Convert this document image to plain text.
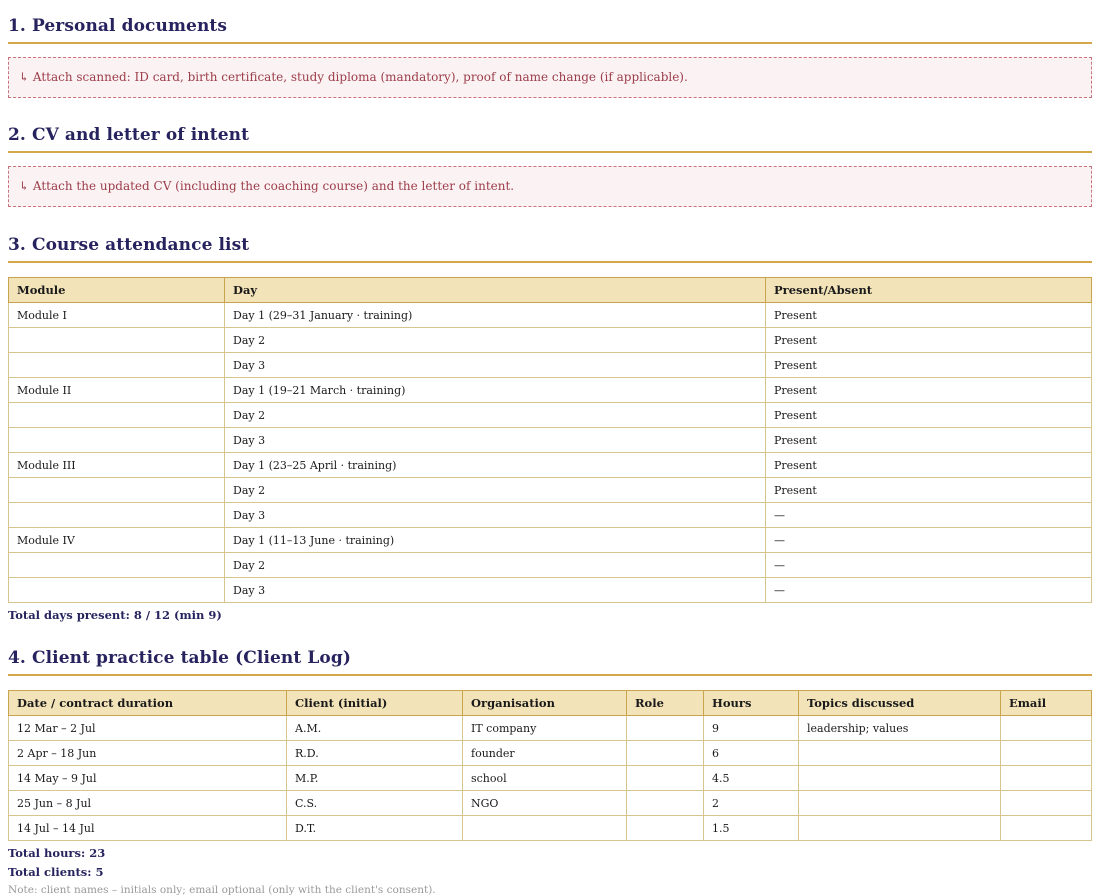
1. Personal documents
↳ Attach scanned: ID card, birth certificate, study diploma (mandatory), proof of name change (if applicable).
2. CV and letter of intent
↳ Attach the updated CV (including the coaching course) and the letter of intent.
3. Course attendance list
Module	Day	Present/Absent
Module I	Day 1 (29–31 January · training)	Present
	Day 2	Present
	Day 3	Present
Module II	Day 1 (19–21 March · training)	Present
	Day 2	Present
	Day 3	Present
Module III	Day 1 (23–25 April · training)	Present
	Day 2	Present
	Day 3	—
Module IV	Day 1 (11–13 June · training)	—
	Day 2	—
	Day 3	—
Total days present: 8 / 12 (min 9)
4. Client practice table (Client Log)
Date / contract duration	Client (initial)	Organisation	Role	Hours	Topics discussed	Email
12 Mar – 2 Jul	A.M.	IT company		9	leadership; values	
2 Apr – 18 Jun	R.D.	founder		6		
14 May – 9 Jul	M.P.	school		4.5		
25 Jun – 8 Jul	C.S.	NGO		2		
14 Jul – 14 Jul	D.T.			1.5		
Total hours: 23
Total clients: 5
Note: client names – initials only; email optional (only with the client's consent).
